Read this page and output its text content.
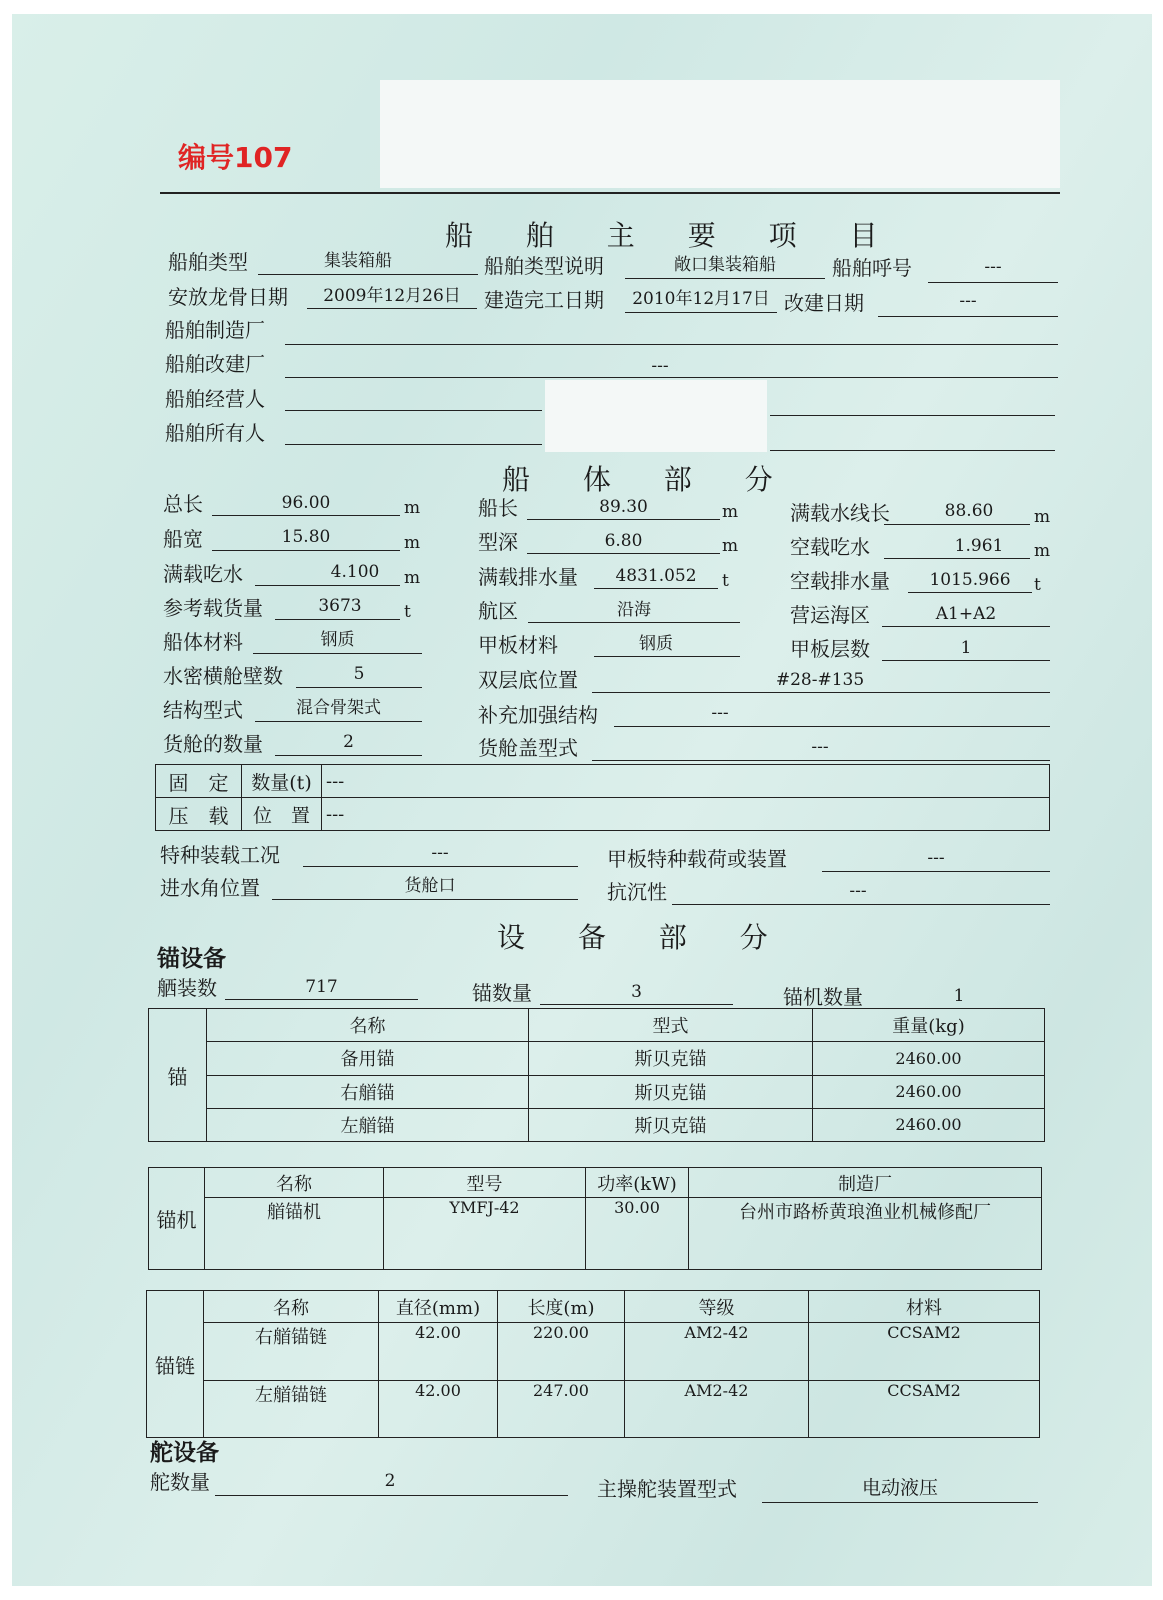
编号107
船 舶 主 要 项 目
船舶类型	集装箱船	船舶类型说明	敞口集装箱船	船舶呼号	---
安放龙骨日期	2009年12月26日	建造完工日期	2010年12月17日 改建日期	---
船舶制造厂
船舶改建厂	---
船舶经营人
船舶所有人
船 体 部 分
总长	96.00	m	船长	89.30	m	满载水线长	88.60	m
船宽	15.80	m	型深	6.80	m	空载吃水	1.961	m
满载吃水	4.100	m	满载排水量	4831.052	t	空载排水量	1015.966	t
参考载货量	3673	t	航区	沿海	营运海区	A1+A2
船体材料	钢质	甲板材料	钢质	甲板层数	1
水密横舱壁数	5	双层底位置	#28-#135
结构型式	混合骨架式	补充加强结构	---
货舱的数量	2	货舱盖型式	---
固　定	数量(t)	---
压　载	位　置	---
特种装载工况	---	甲板特种载荷或装置	---
进水角位置	货舱口	抗沉性	---
设 备 部 分
锚设备
舾装数	717	锚数量	3	锚机数量	1
锚	名称	型式	重量(kg)
	备用锚	斯贝克锚	2460.00
	右艏锚	斯贝克锚	2460.00
	左艏锚	斯贝克锚	2460.00
锚机	名称	型号	功率(kW)	制造厂
	艏锚机	YMFJ-42	30.00	台州市路桥黄琅渔业机械修配厂
锚链	名称	直径(mm)	长度(m)	等级	材料
	右艏锚链	42.00	220.00	AM2-42	CCSAM2
	左艏锚链	42.00	247.00	AM2-42	CCSAM2
舵设备
舵数量	2	主操舵装置型式	电动液压
